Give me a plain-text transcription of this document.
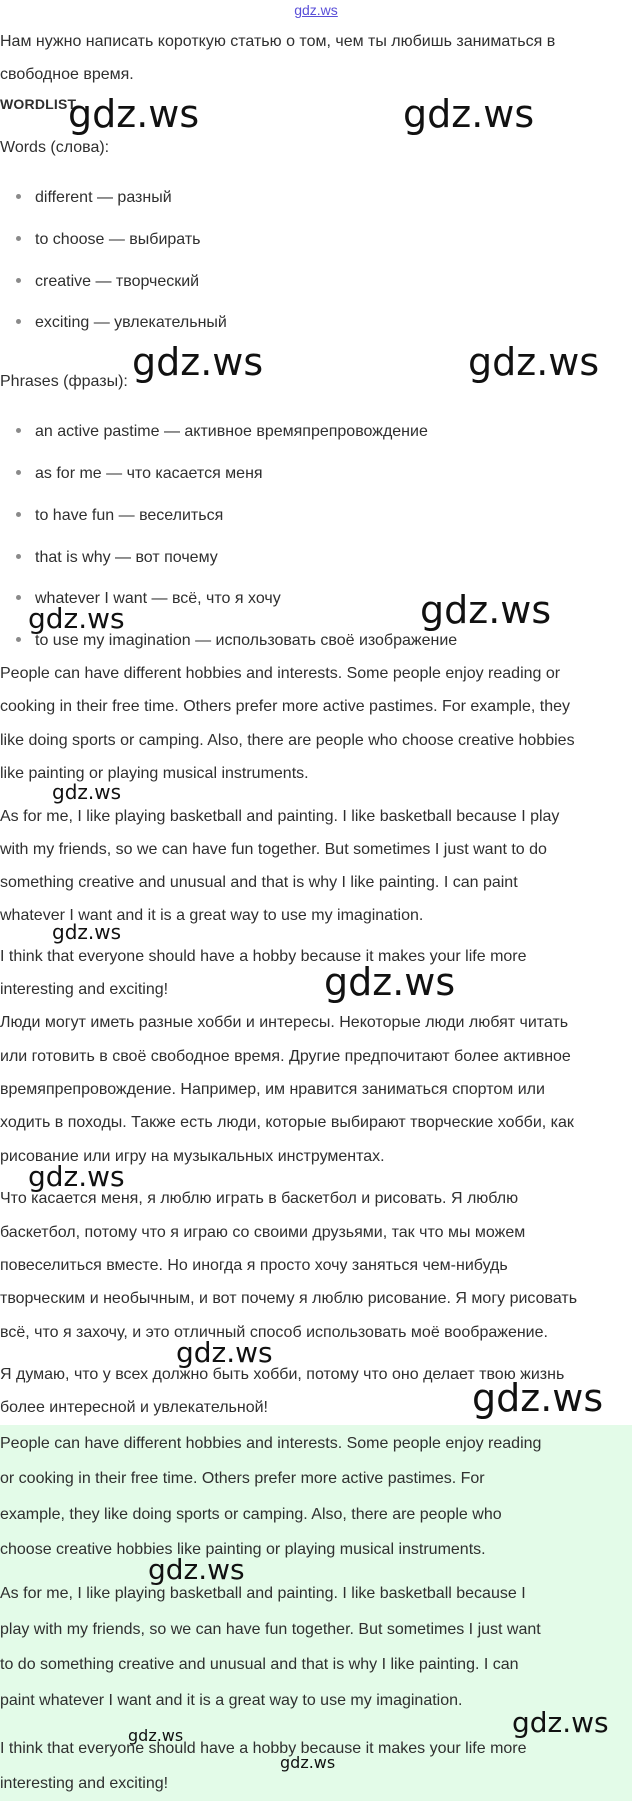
gdz.ws
Нам нужно написать короткую статью о том, чем ты любишь заниматься в
свободное время.
WORDLIST
Words (слова):
different — разный
to choose — выбирать
creative — творческий
exciting — увлекательный
Phrases (фразы):
an active pastime — активное времяпрепровождение
as for me — что касается меня
to have fun — веселиться
that is why — вот почему
whatever I want — всё, что я хочу
to use my imagination — использовать своё изображение
People can have different hobbies and interests. Some people enjoy reading or
cooking in their free time. Others prefer more active pastimes. For example, they
like doing sports or camping. Also, there are people who choose creative hobbies
like painting or playing musical instruments.
As for me, I like playing basketball and painting. I like basketball because I play
with my friends, so we can have fun together. But sometimes I just want to do
something creative and unusual and that is why I like painting. I can paint
whatever I want and it is a great way to use my imagination.
I think that everyone should have a hobby because it makes your life more
interesting and exciting!
Люди могут иметь разные хобби и интересы. Некоторые люди любят читать
или готовить в своё свободное время. Другие предпочитают более активное
времяпрепровождение. Например, им нравится заниматься спортом или
ходить в походы. Также есть люди, которые выбирают творческие хобби, как
рисование или игру на музыкальных инструментах.
Что касается меня, я люблю играть в баскетбол и рисовать. Я люблю
баскетбол, потому что я играю со своими друзьями, так что мы можем
повеселиться вместе. Но иногда я просто хочу заняться чем-нибудь
творческим и необычным, и вот почему я люблю рисование. Я могу рисовать
всё, что я захочу, и это отличный способ использовать моё воображение.
Я думаю, что у всех должно быть хобби, потому что оно делает твою жизнь
более интересной и увлекательной!
People can have different hobbies and interests. Some people enjoy reading
or cooking in their free time. Others prefer more active pastimes. For
example, they like doing sports or camping. Also, there are people who
choose creative hobbies like painting or playing musical instruments.
As for me, I like playing basketball and painting. I like basketball because I
play with my friends, so we can have fun together. But sometimes I just want
to do something creative and unusual and that is why I like painting. I can
paint whatever I want and it is a great way to use my imagination.
I think that everyone should have a hobby because it makes your life more
interesting and exciting!
gdz.ws	gdz.ws
gdz.ws	gdz.ws
gdz.ws
gdz.ws
gdz.ws
gdz.ws
gdz.ws
gdz.ws
gdz.ws
gdz.ws
gdz.ws
gdz.ws
gdz.ws
gdz.ws
